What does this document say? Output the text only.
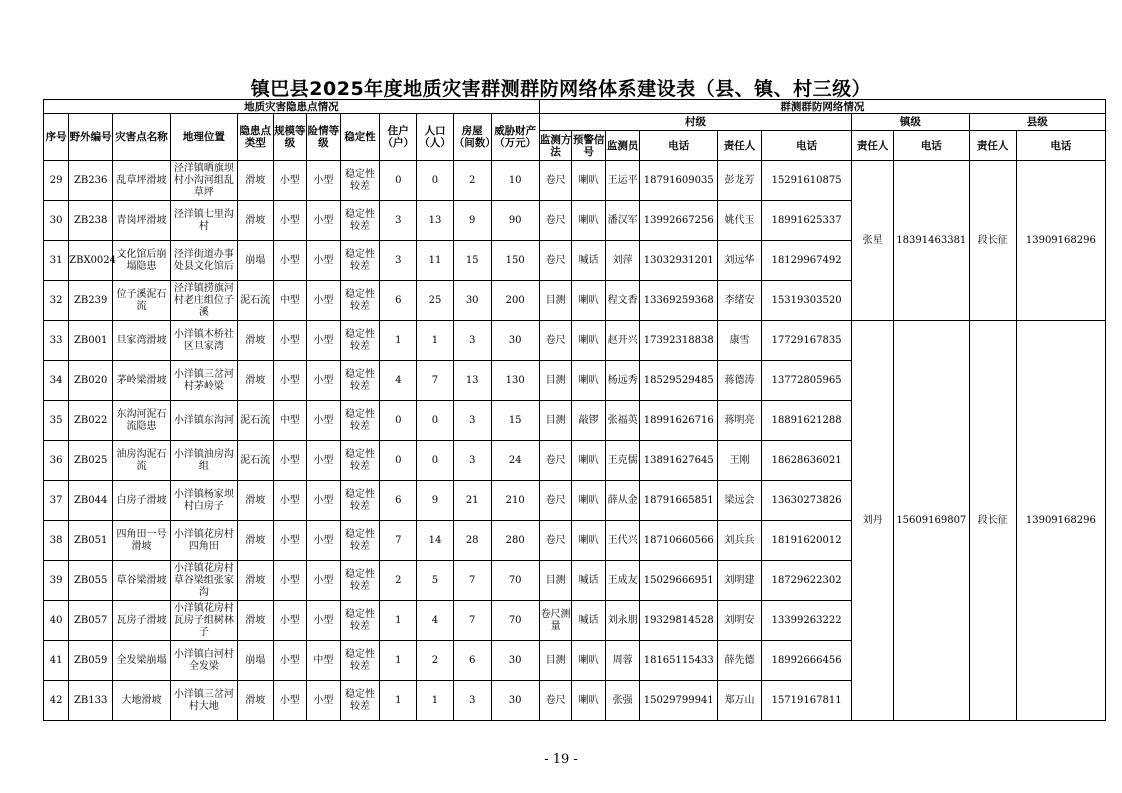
镇巴县2025年度地质灾害群测群防网络体系建设表（县、镇、村三级）
地质灾害隐患点情况												群测群防网络情况									
序号	野外编号	灾害点名称	地理位置	隐患点类型	规模等级	险情等级	稳定性	住户（户）	人口（人）	房屋（间数）	威胁财产（万元）	村级						镇级		县级	
												监测方法	预警信号	监测员	电话	责任人	电话	责任人	电话	责任人	电话
29	ZB236	乱草坪滑坡	泾洋镇晒旗坝村小沟河组乱草坪	滑坡	小型	小型	稳定性较差	0	0	2	10	卷尺	喇叭	王运平	18791609035	彭龙芳	15291610875	张星	18391463381	段长征	13909168296
30	ZB238	青岗坪滑坡	泾洋镇七里沟村	滑坡	小型	小型	稳定性较差	3	13	9	90	卷尺	喇叭	潘汉军	13992667256	姚代玉	18991625337				
31	ZBX0024	文化馆后崩塌隐患	泾洋街道办事处县文化馆后	崩塌	小型	小型	稳定性较差	3	11	15	150	卷尺	喊话	刘萍	13032931201	刘远华	18129967492				
32	ZB239	位子溪泥石流	泾洋镇捞旗河村老庄组位子溪	泥石流	中型	小型	稳定性较差	6	25	30	200	目测	喇叭	程文香	13369259368	李绪安	15319303520				
33	ZB001	旦家湾滑坡	小洋镇木桥社区旦家湾	滑坡	小型	小型	稳定性较差	1	1	3	30	卷尺	喇叭	赵开兴	17392318838	康雪	17729167835	刘丹	15609169807	段长征	13909168296
34	ZB020	茅岭梁滑坡	小洋镇三岔河村茅岭梁	滑坡	小型	小型	稳定性较差	4	7	13	130	目测	喇叭	杨远秀	18529529485	蒋德涛	13772805965				
35	ZB022	东沟河泥石流隐患	小洋镇东沟河	泥石流	中型	小型	稳定性较差	0	0	3	15	目测	敲锣	张福英	18991626716	蒋明亮	18891621288				
36	ZB025	油房沟泥石流	小洋镇油房沟组	泥石流	小型	小型	稳定性较差	0	0	3	24	卷尺	喇叭	王克儒	13891627645	王刚	18628636021				
37	ZB044	白房子滑坡	小洋镇杨家坝村白房子	滑坡	小型	小型	稳定性较差	6	9	21	210	卷尺	喇叭	薛从金	18791665851	梁远会	13630273826				
38	ZB051	四角田一号滑坡	小洋镇花房村四角田	滑坡	小型	小型	稳定性较差	7	14	28	280	卷尺	喇叭	王代兴	18710660566	刘兵兵	18191620012				
39	ZB055	草谷梁滑坡	小洋镇花房村草谷梁组张家沟	滑坡	小型	小型	稳定性较差	2	5	7	70	目测	喊话	王成友	15029666951	刘明建	18729622302				
40	ZB057	瓦房子滑坡	小洋镇花房村瓦房子组树林子	滑坡	小型	小型	稳定性较差	1	4	7	70	卷尺测量	喊话	刘永朋	19329814528	刘明安	13399263222				
41	ZB059	全发梁崩塌	小洋镇白河村全发梁	崩塌	小型	中型	稳定性较差	1	2	6	30	目测	喇叭	周蓉	18165115433	薛先德	18992666456				
42	ZB133	大地滑坡	小洋镇三岔河村大地	滑坡	小型	小型	稳定性较差	1	1	3	30	卷尺	喇叭	张强	15029799941	郑万山	15719167811				
- 19 -
